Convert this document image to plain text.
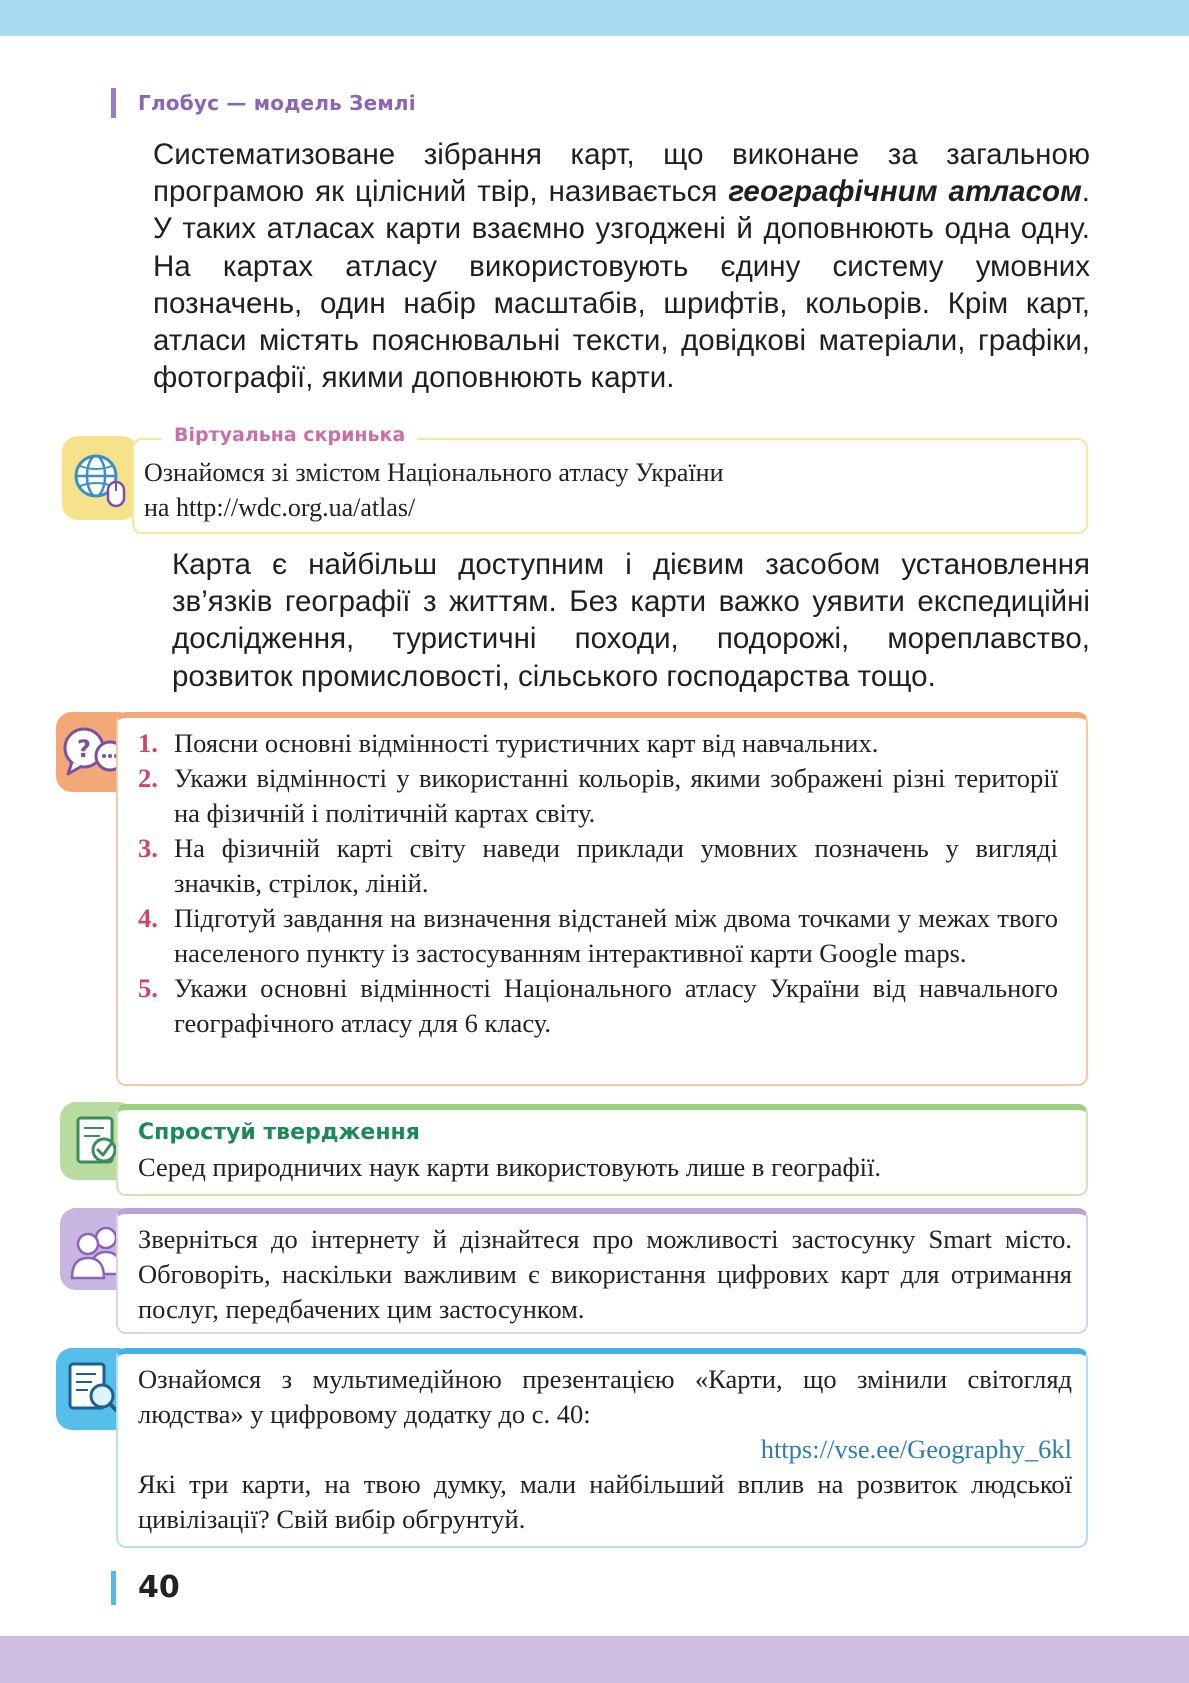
Глобус — модель Землі
Систематизоване зібрання карт, що виконане за загальною програмою як цілісний твір, називається географічним атласом. У таких атласах карти взаємно узгоджені й доповнюють одна одну. На картах атласу використовують єдину систему умовних позначень, один набір масштабів, шрифтів, кольорів. Крім карт, атласи містять пояснювальні тексти, довідкові матеріали, графіки, фотографії, якими доповнюють карти.
Віртуальна скринька
Ознайомся зі змістом Національного атласу України
на http://wdc.org.ua/atlas/
Карта є найбільш доступним і дієвим засобом установлення зв’язків географії з життям. Без карти важко уявити експедиційні дослідження, туристичні походи, подорожі, мореплавство, розвиток промисловості, сільського господарства тощо.
? 1. Поясни основні відмінності туристичних карт від навчальних.
2. Укажи відмінності у використанні кольорів, якими зображені різні території на фізичній і політичній картах світу.
3. На фізичній карті світу наведи приклади умовних позначень у вигляді значків, стрілок, ліній.
4. Підготуй завдання на визначення відстаней між двома точками у межах твого населеного пункту із застосуванням інтерактивної карти Google maps.
5. Укажи основні відмінності Національного атласу України від навчального географічного атласу для 6 класу.
Спростуй твердження
Серед природничих наук карти використовують лише в географії.
Зверніться до інтернету й дізнайтеся про можливості застосунку Smart місто. Обговоріть, наскільки важливим є використання цифрових карт для отримання послуг, передбачених цим застосунком.
Ознайомся з мультимедійною презентацією «Карти, що змінили світогляд людства» у цифровому додатку до с. 40:
https://vse.ee/Geography_6kl
Які три карти, на твою думку, мали найбільший вплив на розвиток людської цивілізації? Свій вибір обгрунтуй.
40
